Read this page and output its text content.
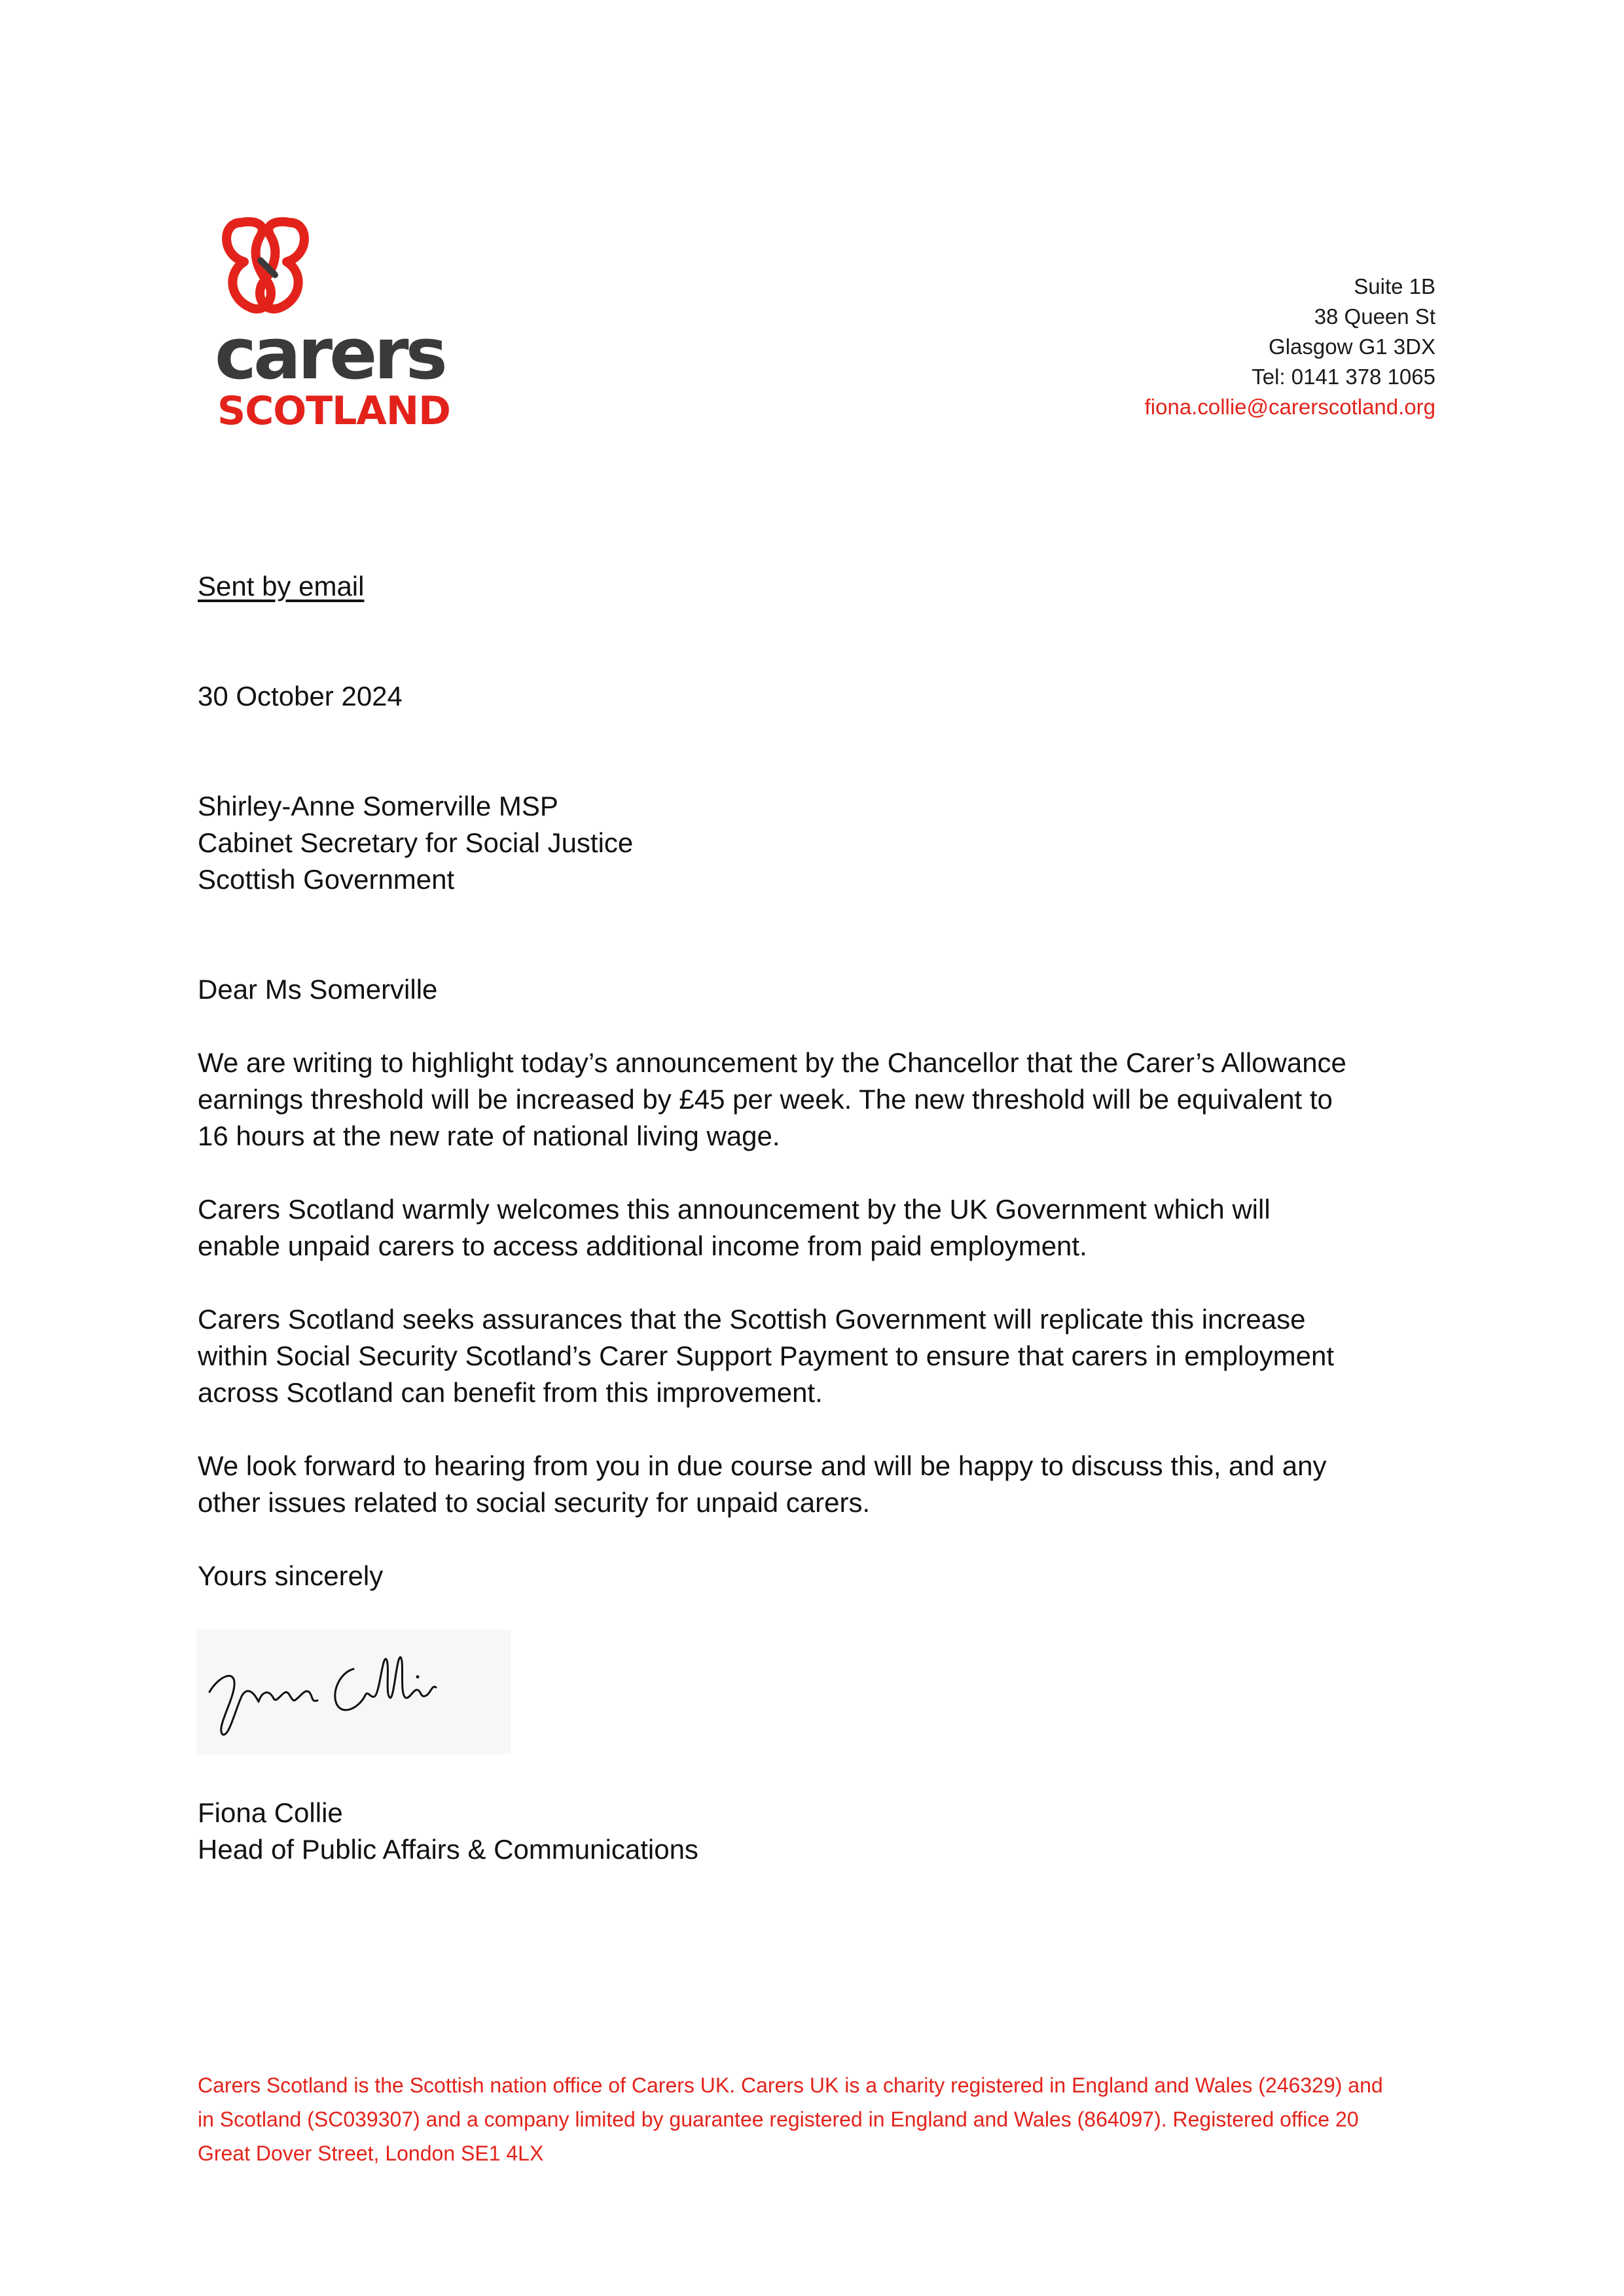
carers

SCOTLAND

Suite 1B
38 Queen St
Glasgow G1 3DX
Tel: 0141 378 1065
fiona.collie@carerscotland.org
Sent by email
30 October 2024
Shirley-Anne Somerville MSP
Cabinet Secretary for Social Justice
Scottish Government
Dear Ms Somerville
We are writing to highlight today’s announcement by the Chancellor that the Carer’s Allowance
earnings threshold will be increased by £45 per week. The new threshold will be equivalent to
16 hours at the new rate of national living wage.
Carers Scotland warmly welcomes this announcement by the UK Government which will
enable unpaid carers to access additional income from paid employment.
Carers Scotland seeks assurances that the Scottish Government will replicate this increase
within Social Security Scotland’s Carer Support Payment to ensure that carers in employment
across Scotland can benefit from this improvement.
We look forward to hearing from you in due course and will be happy to discuss this, and any
other issues related to social security for unpaid carers.
Yours sincerely
Fiona Collie
Head of Public Affairs & Communications
Carers Scotland is the Scottish nation office of Carers UK. Carers UK is a charity registered in England and Wales (246329) and
in Scotland (SC039307) and a company limited by guarantee registered in England and Wales (864097). Registered office 20
Great Dover Street, London SE1 4LX
